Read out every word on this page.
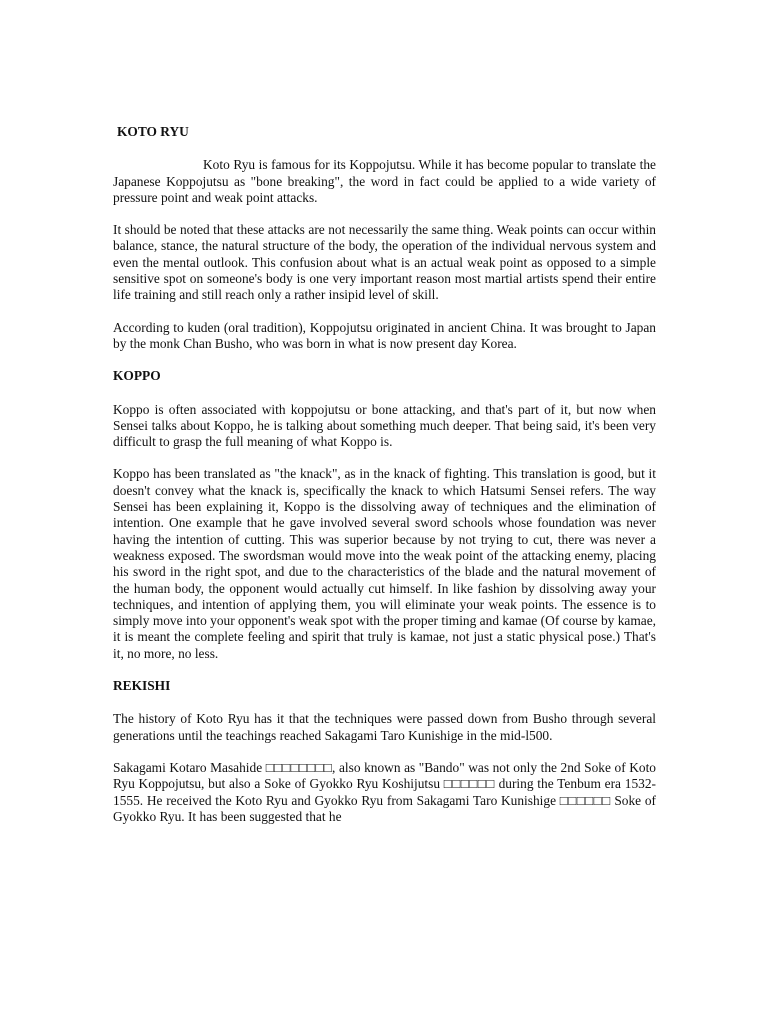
KOTO RYU

Koto Ryu is famous for its Koppojutsu. While it has become popular to translate the Japanese Koppojutsu as "bone breaking", the word in fact could be applied to a wide variety of pressure point and weak point attacks.

It should be noted that these attacks are not necessarily the same thing. Weak points can occur within balance, stance, the natural structure of the body, the operation of the individual nervous system and even the mental outlook. This confusion about what is an actual weak point as opposed to a simple sensitive spot on someone's body is one very important reason most martial artists spend their entire life training and still reach only a rather insipid level of skill.

According to kuden (oral tradition), Koppojutsu originated in ancient China. It was brought to Japan by the monk Chan Busho, who was born in what is now present day Korea.

KOPPO

Koppo is often associated with koppojutsu or bone attacking, and that's part of it, but now when Sensei talks about Koppo, he is talking about something much deeper. That being said, it's been very difficult to grasp the full meaning of what Koppo is.

Koppo has been translated as "the knack", as in the knack of fighting. This translation is good, but it doesn't convey what the knack is, specifically the knack to which Hatsumi Sensei refers. The way Sensei has been explaining it, Koppo is the dissolving away of techniques and the elimination of intention. One example that he gave involved several sword schools whose foundation was never having the intention of cutting. This was superior because by not trying to cut, there was never a weakness exposed. The swordsman would move into the weak point of the attacking enemy, placing his sword in the right spot, and due to the characteristics of the blade and the natural movement of the human body, the opponent would actually cut himself. In like fashion by dissolving away your techniques, and intention of applying them, you will eliminate your weak points. The essence is to simply move into your opponent's weak spot with the proper timing and kamae (Of course by kamae, it is meant the complete feeling and spirit that truly is kamae, not just a static physical pose.) That's it, no more, no less.

REKISHI

The history of Koto Ryu has it that the techniques were passed down from Busho through several generations until the teachings reached Sakagami Taro Kunishige in the mid-l500.

Sakagami Kotaro Masahide □□□□□□□□, also known as "Bando" was not only the 2nd Soke of Koto Ryu Koppojutsu, but also a Soke of Gyokko Ryu Koshijutsu □□□□□□ during the Tenbum era 1532-1555. He received the Koto Ryu and Gyokko Ryu from Sakagami Taro Kunishige □□□□□□ Soke of Gyokko Ryu. It has been suggested that he
